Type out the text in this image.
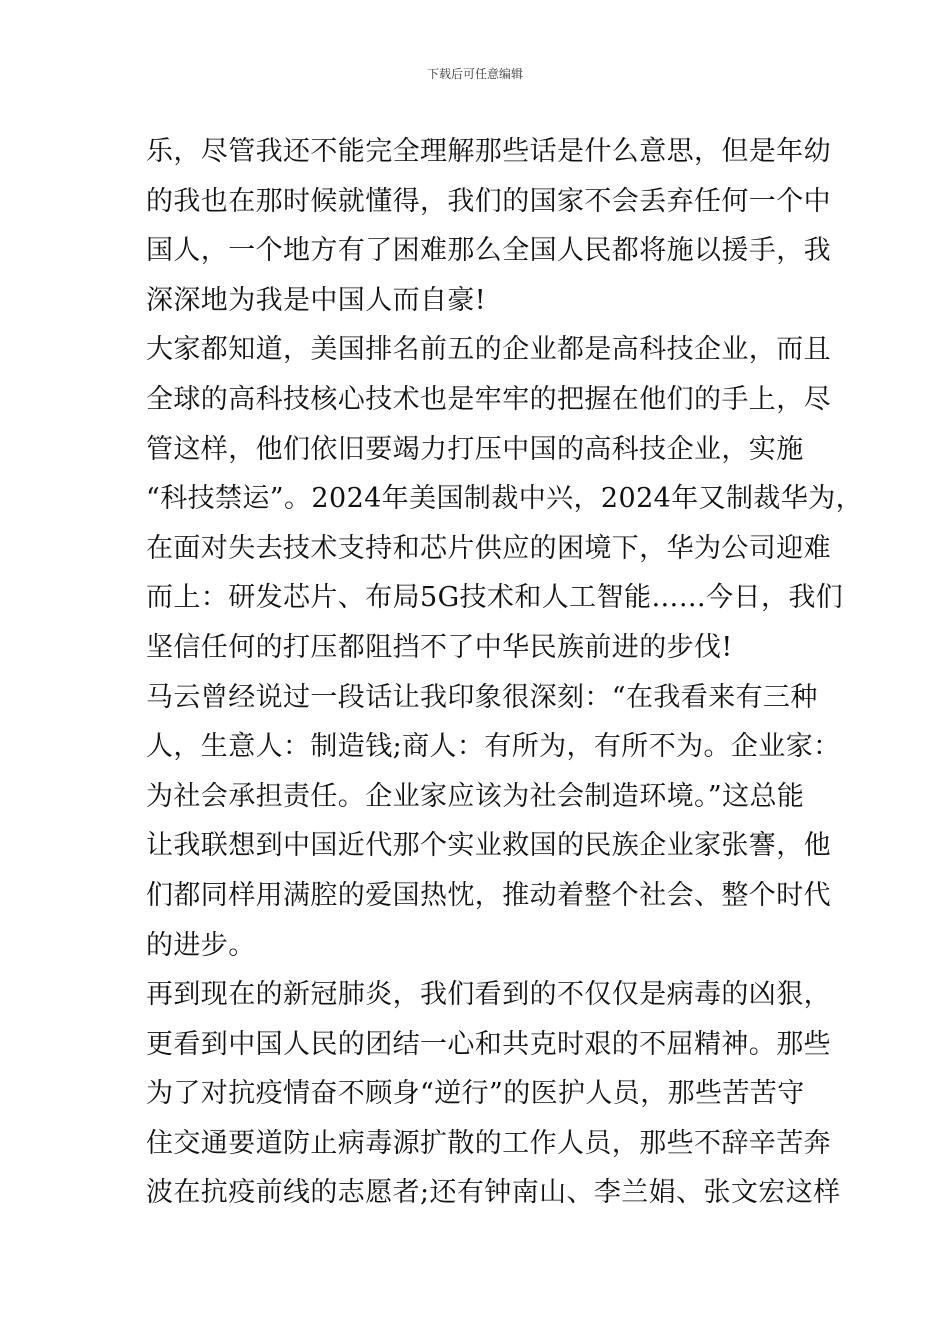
下载后可任意编辑
乐，尽管我还不能完全理解那些话是什么意思，但是年幼
的我也在那时候就懂得，我们的国家不会丢弃任何一个中
国人，一个地方有了困难那么全国人民都将施以援手，我
深深地为我是中国人而自豪!
大家都知道，美国排名前五的企业都是高科技企业，而且
全球的高科技核心技术也是牢牢的把握在他们的手上，尽
管这样，他们依旧要竭力打压中国的高科技企业，实施
“科技禁运”。2024年美国制裁中兴，2024年又制裁华为，
在面对失去技术支持和芯片供应的困境下，华为公司迎难
而上：研发芯片、布局5G技术和人工智能……今日，我们
坚信任何的打压都阻挡不了中华民族前进的步伐!
马云曾经说过一段话让我印象很深刻：“在我看来有三种
人，生意人：制造钱;商人：有所为，有所不为。企业家：
为社会承担责任。企业家应该为社会制造环境。”这总能
让我联想到中国近代那个实业救国的民族企业家张謇，他
们都同样用满腔的爱国热忱，推动着整个社会、整个时代
的进步。
再到现在的新冠肺炎，我们看到的不仅仅是病毒的凶狠，
更看到中国人民的团结一心和共克时艰的不屈精神。那些
为了对抗疫情奋不顾身“逆行”的医护人员，那些苦苦守
住交通要道防止病毒源扩散的工作人员，那些不辞辛苦奔
波在抗疫前线的志愿者;还有钟南山、李兰娟、张文宏这样
